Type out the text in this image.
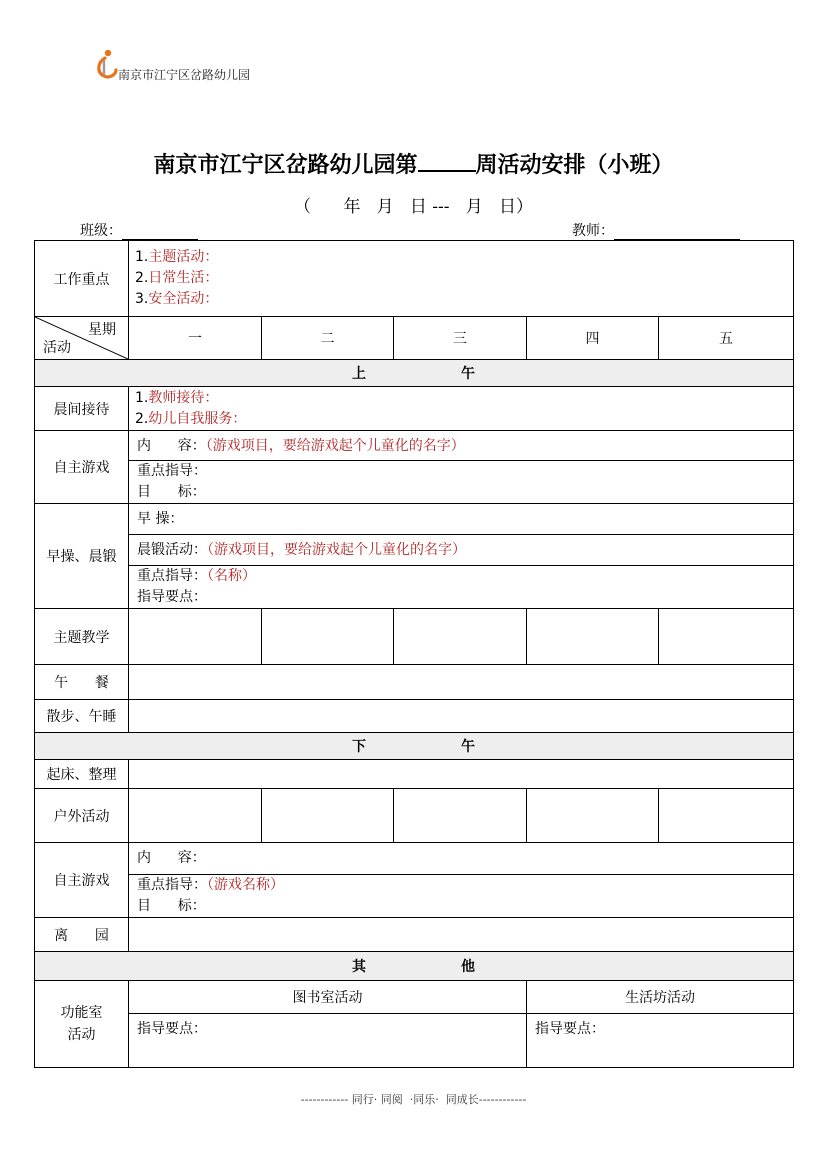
南京市江宁区岔路幼儿园
南京市江宁区岔路幼儿园第	周活动安排（小班）
（      年   月   日 ---   月   日）
班级：	教师：
工作重点	1.主题活动：
2.日常生活：
3.安全活动：				

星期
活动	一	二	三	四	五
上                午					
晨间接待	1.教师接待：
2.幼儿自我服务：				

自主游戏	内      容：（游戏项目，要给游戏起个儿童化的名字）
重点指导：
目      标：				

早操、晨锻	早 操：
晨锻活动：（游戏项目，要给游戏起个儿童化的名字）
重点指导：（名称）
指导要点：				

主题教学					
午      餐					
散步、午睡					
下                午					
起床、整理					
户外活动					
自主游戏	内      容：
重点指导：（游戏名称）
目      标：				

离      园					
其                他					

功能室
活动	图书室活动			生活坊活动	
	指导要点：			指导要点：	
------------ 同行· 同阅  ·同乐·  同成长------------
